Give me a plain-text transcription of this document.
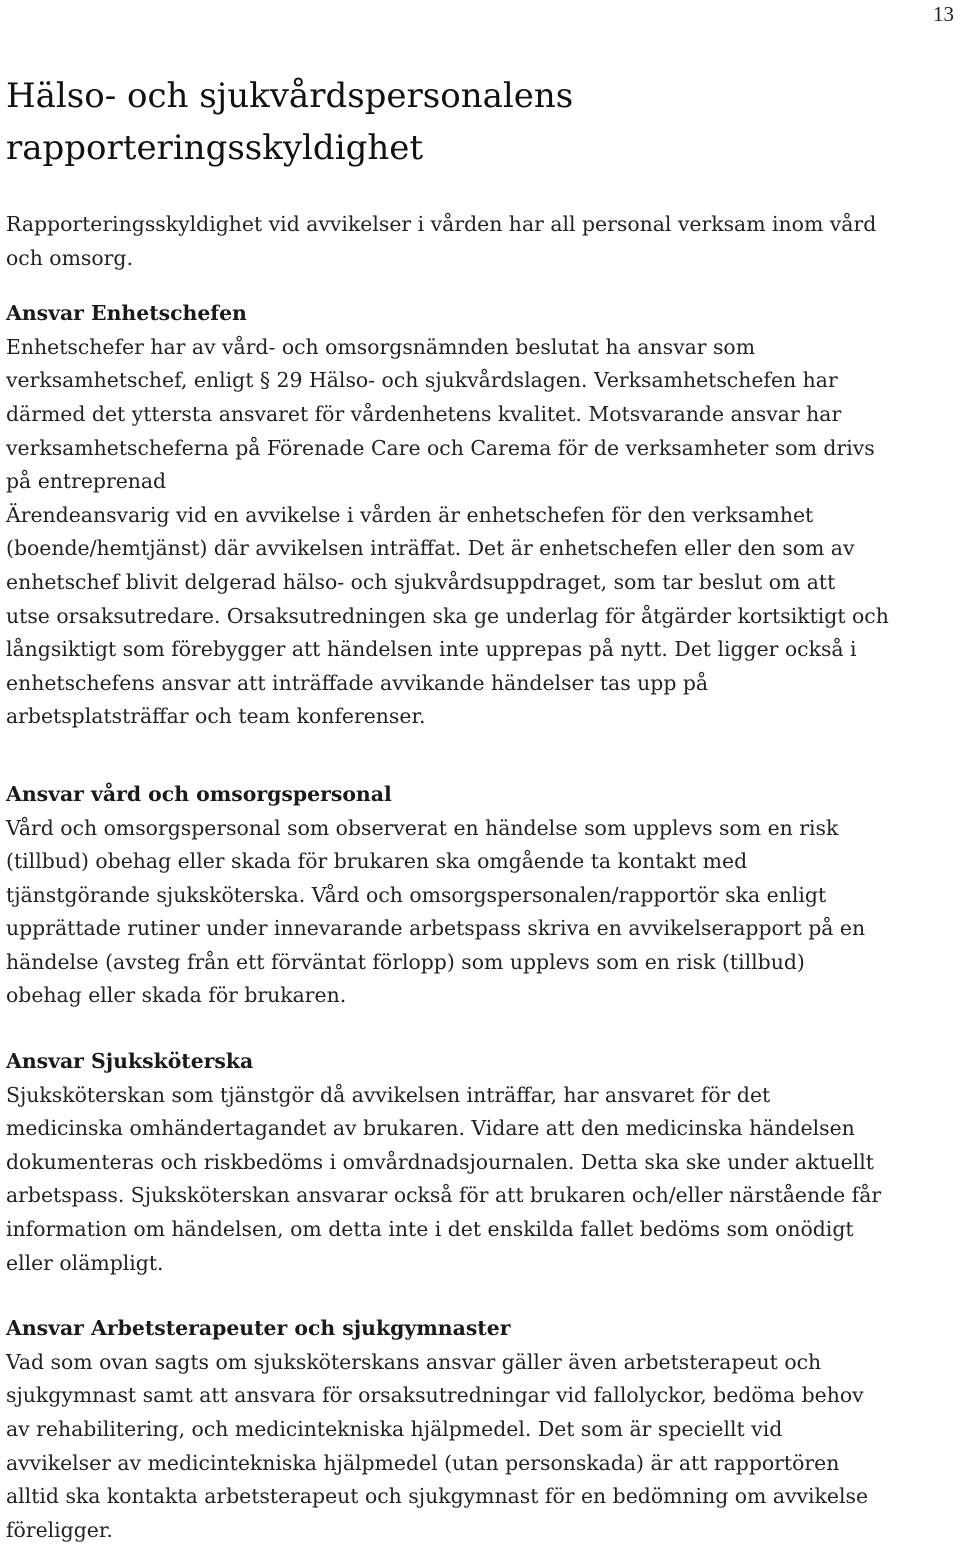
13
Hälso- och sjukvårdspersonalens
rapporteringsskyldighet

Rapporteringsskyldighet vid avvikelser i vården har all personal verksam inom vård
och omsorg.

Ansvar Enhetschefen

Enhetschefer har av vård- och omsorgsnämnden beslutat ha ansvar som
verksamhetschef, enligt § 29 Hälso- och sjukvårdslagen. Verksamhetschefen har
därmed det yttersta ansvaret för vårdenhetens kvalitet. Motsvarande ansvar har
verksamhetscheferna på Förenade Care och Carema för de verksamheter som drivs
på entreprenad
Ärendeansvarig vid en avvikelse i vården är enhetschefen för den verksamhet
(boende/hemtjänst) där avvikelsen inträffat. Det är enhetschefen eller den som av
enhetschef blivit delgerad hälso- och sjukvårdsuppdraget, som tar beslut om att
utse orsaksutredare. Orsaksutredningen ska ge underlag för åtgärder kortsiktigt och
långsiktigt som förebygger att händelsen inte upprepas på nytt. Det ligger också i
enhetschefens ansvar att inträffade avvikande händelser tas upp på
arbetsplatsträffar och team konferenser.

Ansvar vård och omsorgspersonal

Vård och omsorgspersonal som observerat en händelse som upplevs som en risk
(tillbud) obehag eller skada för brukaren ska omgående ta kontakt med
tjänstgörande sjuksköterska. Vård och omsorgspersonalen/rapportör ska enligt
upprättade rutiner under innevarande arbetspass skriva en avvikelserapport på en
händelse (avsteg från ett förväntat förlopp) som upplevs som en risk (tillbud)
obehag eller skada för brukaren.

Ansvar Sjuksköterska

Sjuksköterskan som tjänstgör då avvikelsen inträffar, har ansvaret för det
medicinska omhändertagandet av brukaren. Vidare att den medicinska händelsen
dokumenteras och riskbedöms i omvårdnadsjournalen. Detta ska ske under aktuellt
arbetspass. Sjuksköterskan ansvarar också för att brukaren och/eller närstående får
information om händelsen, om detta inte i det enskilda fallet bedöms som onödigt
eller olämpligt.

Ansvar Arbetsterapeuter och sjukgymnaster

Vad som ovan sagts om sjuksköterskans ansvar gäller även arbetsterapeut och
sjukgymnast samt att ansvara för orsaksutredningar vid fallolyckor, bedöma behov
av rehabilitering, och medicintekniska hjälpmedel. Det som är speciellt vid
avvikelser av medicintekniska hjälpmedel (utan personskada) är att rapportören
alltid ska kontakta arbetsterapeut och sjukgymnast för en bedömning om avvikelse
föreligger.
